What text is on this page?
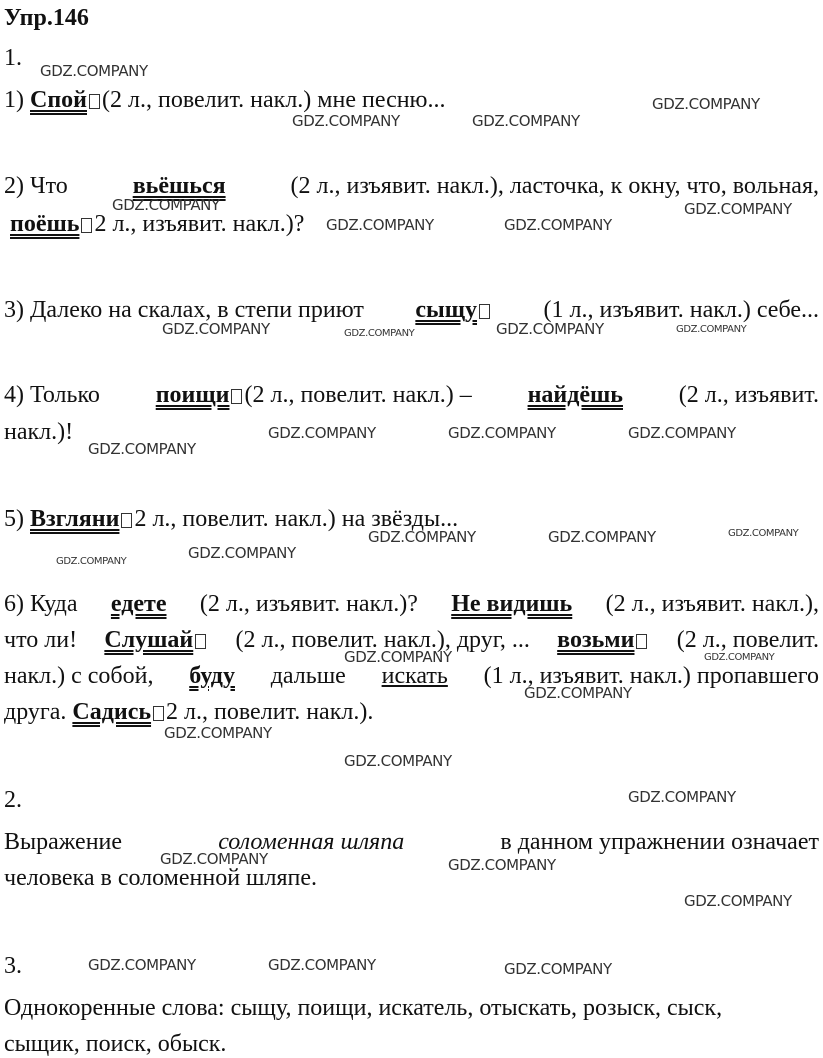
Упр.146
1.
1) Спой (2 л., повелит. накл.) мне песню...
2) Что	вьёшься	(2 л., изъявит. накл.), ласточка, к окну, что, вольная,
поёшь 2 л., изъявит. накл.)?
3) Далеко на скалах, в степи приют сыщу	(1 л., изъявит. накл.) себе...
4) Только поищи (2 л., повелит. накл.) – найдёшь (2 л., изъявит.
накл.)!
5) Взгляни 2 л., повелит. накл.) на звёзды...
6) Куда едете (2 л., изъявит. накл.)? Не видишь (2 л., изъявит. накл.),
что ли! Слушай	(2 л., повелит. накл.), друг, ... возьми	(2 л., повелит.
накл.) с собой, буду дальше искать (1 л., изъявит. накл.) пропавшего
друга. Садись 2 л., повелит. накл.).
2.
Выражение	соломенная шляпа	в данном упражнении означает
человека в соломенной шляпе.
3.
Однокоренные слова: сыщу, поищи, искатель, отыскать, розыск, сыск,
сыщик, поиск, обыск.
GDZ.COMPANY
GDZ.COMPANY	GDZ.COMPANY
GDZ.COMPANY
GDZ.COMPANY	GDZ.COMPANY
GDZ.COMPANY	GDZ.COMPANY
GDZ.COMPANY	GDZ.COMPANY	GDZ.COMPANY	GDZ.COMPANY
GDZ.COMPANY	GDZ.COMPANY	GDZ.COMPANY
GDZ.COMPANY
GDZ.COMPANY	GDZ.COMPANY	GDZ.COMPANY
GDZ.COMPANY
GDZ.COMPANY
GDZ.COMPANY	GDZ.COMPANY
GDZ.COMPANY
GDZ.COMPANY
GDZ.COMPANY
GDZ.COMPANY
GDZ.COMPANY	GDZ.COMPANY
GDZ.COMPANY
GDZ.COMPANY	GDZ.COMPANY	GDZ.COMPANY
